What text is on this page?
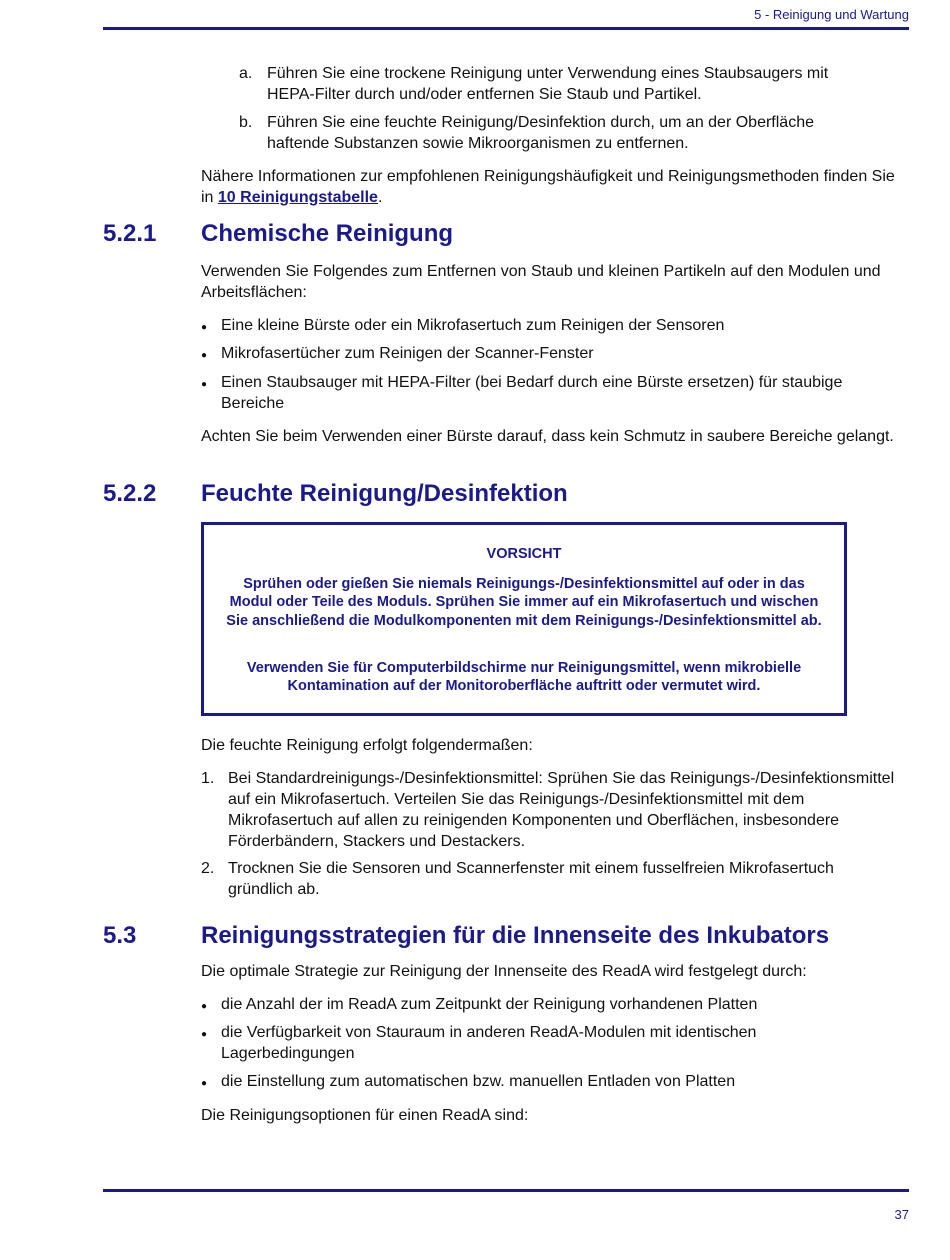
5 - Reinigung und Wartung
a. Führen Sie eine trockene Reinigung unter Verwendung eines Staubsaugers mit HEPA-Filter durch und/oder entfernen Sie Staub und Partikel.
b. Führen Sie eine feuchte Reinigung/Desinfektion durch, um an der Oberfläche haftende Substanzen sowie Mikroorganismen zu entfernen.

Nähere Informationen zur empfohlenen Reinigungshäufigkeit und Reinigungsmethoden finden Sie in 10 Reinigungstabelle.

5.2.1 Chemische Reinigung

Verwenden Sie Folgendes zum Entfernen von Staub und kleinen Partikeln auf den Modulen und Arbeitsflächen:

● Eine kleine Bürste oder ein Mikrofasertuch zum Reinigen der Sensoren
● Mikrofasertücher zum Reinigen der Scanner-Fenster
● Einen Staubsauger mit HEPA-Filter (bei Bedarf durch eine Bürste ersetzen) für staubige Bereiche

Achten Sie beim Verwenden einer Bürste darauf, dass kein Schmutz in saubere Bereiche gelangt.

5.2.2 Feuchte Reinigung/Desinfektion
VORSICHT
Sprühen oder gießen Sie niemals Reinigungs-/Desinfektionsmittel auf oder in das Modul oder Teile des Moduls. Sprühen Sie immer auf ein Mikrofasertuch und wischen Sie anschließend die Modulkomponenten mit dem Reinigungs-/Desinfektionsmittel ab.
Verwenden Sie für Computerbildschirme nur Reinigungsmittel, wenn mikrobielle Kontamination auf der Monitoroberfläche auftritt oder vermutet wird.

Die feuchte Reinigung erfolgt folgendermaßen:

1. Bei Standardreinigungs-/Desinfektionsmittel: Sprühen Sie das Reinigungs-/Desinfektionsmittel auf ein Mikrofasertuch. Verteilen Sie das Reinigungs-/Desinfektionsmittel mit dem Mikrofasertuch auf allen zu reinigenden Komponenten und Oberflächen, insbesondere Förderbändern, Stackers und Destackers.
2. Trocknen Sie die Sensoren und Scannerfenster mit einem fusselfreien Mikrofasertuch gründlich ab.
5.3	Reinigungsstrategien für die Innenseite des Inkubators

Die optimale Strategie zur Reinigung der Innenseite des ReadA wird festgelegt durch:

● die Anzahl der im ReadA zum Zeitpunkt der Reinigung vorhandenen Platten
● die Verfügbarkeit von Stauraum in anderen ReadA-Modulen mit identischen Lagerbedingungen
● die Einstellung zum automatischen bzw. manuellen Entladen von Platten

Die Reinigungsoptionen für einen ReadA sind:

37
